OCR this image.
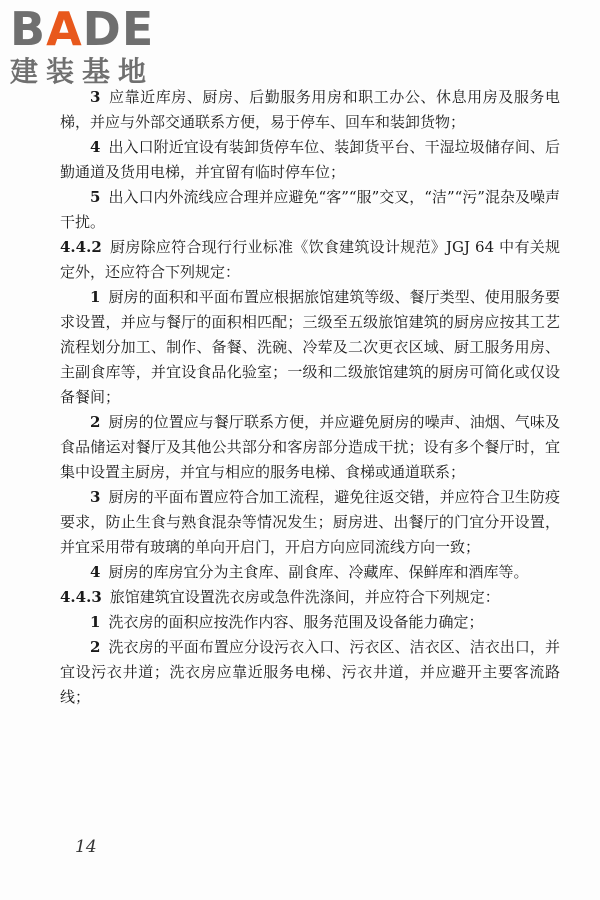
BADE
建装基地

3 应靠近库房、厨房、后勤服务用房和职工办公、休息用房及服务电梯，并应与外部交通联系方便，易于停车、回车和装卸货物；

4 出入口附近宜设有装卸货停车位、装卸货平台、干湿垃圾储存间、后勤通道及货用电梯，并宜留有临时停车位；

5 出入口内外流线应合理并应避免“客”“服”交叉，“洁”“污”混杂及噪声干扰。

4.4.2 厨房除应符合现行行业标准《饮食建筑设计规范》JGJ 64 中有关规定外，还应符合下列规定：

1 厨房的面积和平面布置应根据旅馆建筑等级、餐厅类型、使用服务要求设置，并应与餐厅的面积相匹配；三级至五级旅馆建筑的厨房应按其工艺流程划分加工、制作、备餐、洗碗、冷荤及二次更衣区域、厨工服务用房、主副食库等，并宜设食品化验室；一级和二级旅馆建筑的厨房可简化或仅设备餐间；

2 厨房的位置应与餐厅联系方便，并应避免厨房的噪声、油烟、气味及食品储运对餐厅及其他公共部分和客房部分造成干扰；设有多个餐厅时，宜集中设置主厨房，并宜与相应的服务电梯、食梯或通道联系；

3 厨房的平面布置应符合加工流程，避免往返交错，并应符合卫生防疫要求，防止生食与熟食混杂等情况发生；厨房进、出餐厅的门宜分开设置，并宜采用带有玻璃的单向开启门，开启方向应同流线方向一致；

4 厨房的库房宜分为主食库、副食库、冷藏库、保鲜库和酒库等。

4.4.3 旅馆建筑宜设置洗衣房或急件洗涤间，并应符合下列规定：

1 洗衣房的面积应按洗作内容、服务范围及设备能力确定；

2 洗衣房的平面布置应分设污衣入口、污衣区、洁衣区、洁衣出口，并宜设污衣井道；洗衣房应靠近服务电梯、污衣井道，并应避开主要客流路线；

14
